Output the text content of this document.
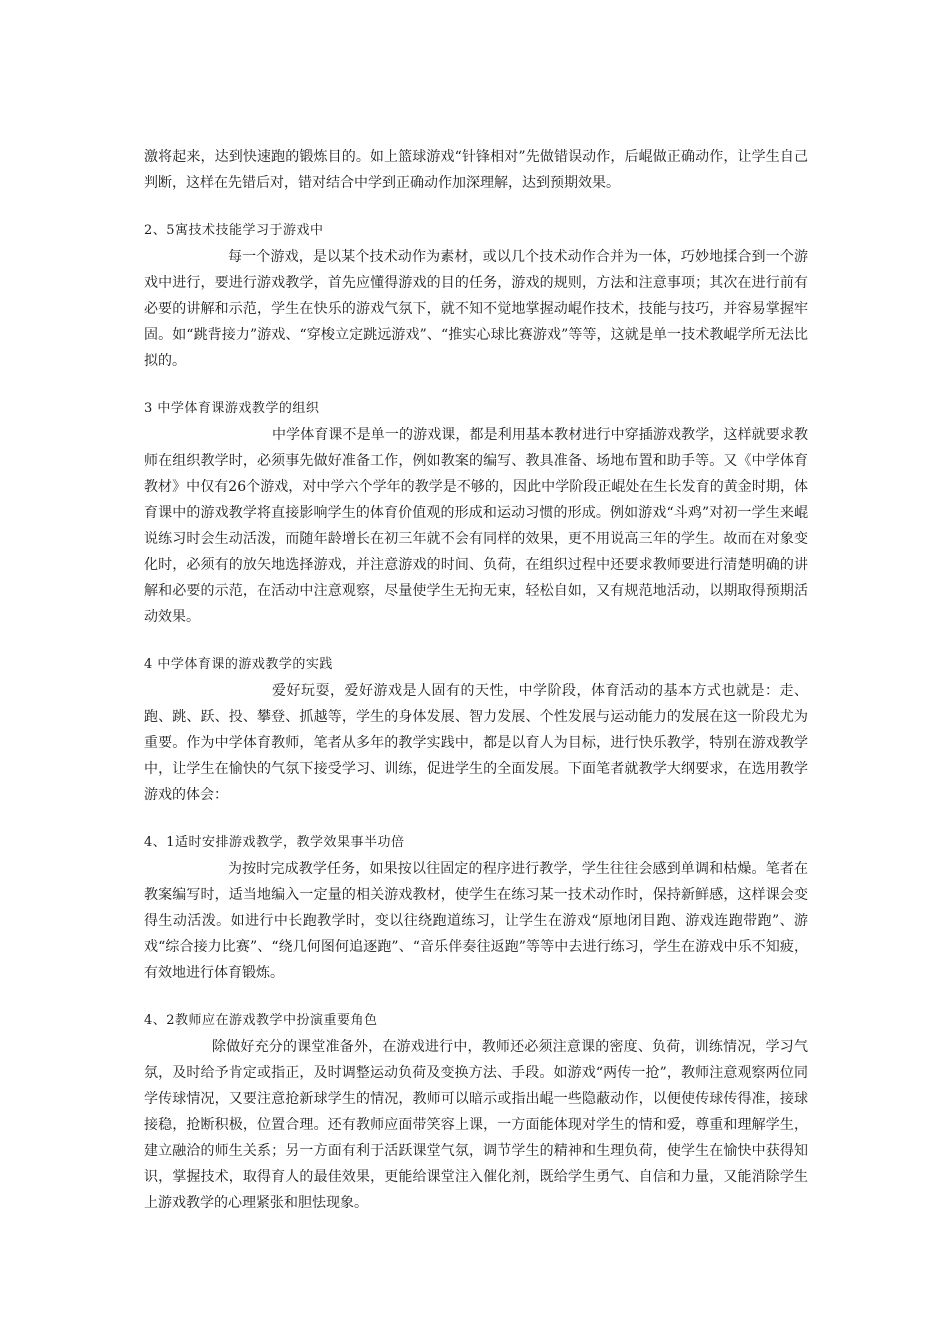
激将起来，达到快速跑的锻炼目的。如上篮球游戏“针锋相对”先做错误动作，后崐做正确动作，让学生自己判断，这样在先错后对，错对结合中学到正确动作加深理解，达到预期效果。

2、5寓技术技能学习于游戏中

每一个游戏，是以某个技术动作为素材，或以几个技术动作合并为一体，巧妙地揉合到一个游戏中进行，要进行游戏教学，首先应懂得游戏的目的任务，游戏的规则，方法和注意事项；其次在进行前有必要的讲解和示范，学生在快乐的游戏气氛下，就不知不觉地掌握动崐作技术，技能与技巧，并容易掌握牢固。如“跳背接力”游戏、“穿梭立定跳远游戏”、“推实心球比赛游戏”等等，这就是单一技术教崐学所无法比拟的。

3 中学体育课游戏教学的组织

中学体育课不是单一的游戏课，都是利用基本教材进行中穿插游戏教学，这样就要求教师在组织教学时，必须事先做好准备工作，例如教案的编写、教具准备、场地布置和助手等。又《中学体育教材》中仅有26个游戏，对中学六个学年的教学是不够的，因此中学阶段正崐处在生长发育的黄金时期，体育课中的游戏教学将直接影响学生的体育价值观的形成和运动习惯的形成。例如游戏“斗鸡”对初一学生来崐说练习时会生动活泼，而随年龄增长在初三年就不会有同样的效果，更不用说高三年的学生。故而在对象变化时，必须有的放矢地选择游戏，并注意游戏的时间、负荷，在组织过程中还要求教师要进行清楚明确的讲解和必要的示范，在活动中注意观察，尽量使学生无拘无束，轻松自如，又有规范地活动，以期取得预期活动效果。

4 中学体育课的游戏教学的实践

爱好玩耍，爱好游戏是人固有的天性，中学阶段，体育活动的基本方式也就是：走、跑、跳、跃、投、攀登、抓越等，学生的身体发展、智力发展、个性发展与运动能力的发展在这一阶段尤为重要。作为中学体育教师，笔者从多年的教学实践中，都是以育人为目标，进行快乐教学，特别在游戏教学中，让学生在愉快的气氛下接受学习、训练，促进学生的全面发展。下面笔者就教学大纲要求，在选用教学游戏的体会：

4、1适时安排游戏教学，教学效果事半功倍

为按时完成教学任务，如果按以往固定的程序进行教学，学生往往会感到单调和枯燥。笔者在教案编写时，适当地编入一定量的相关游戏教材，使学生在练习某一技术动作时，保持新鲜感，这样课会变得生动活泼。如进行中长跑教学时，变以往绕跑道练习，让学生在游戏“原地闭目跑、游戏连跑带跑”、游戏“综合接力比赛”、“绕几何图何追逐跑”、“音乐伴奏往返跑”等等中去进行练习，学生在游戏中乐不知疲，有效地进行体育锻炼。

4、2教师应在游戏教学中扮演重要角色

除做好充分的课堂准备外，在游戏进行中，教师还必须注意课的密度、负荷，训练情况，学习气氛，及时给予肯定或指正，及时调整运动负荷及变换方法、手段。如游戏“两传一抢”，教师注意观察两位同学传球情况，又要注意抢新球学生的情况，教师可以暗示或指出崐一些隐蔽动作，以便使传球传得准，接球接稳，抢断积极，位置合理。还有教师应面带笑容上课，一方面能体现对学生的情和爱，尊重和理解学生，建立融洽的师生关系；另一方面有利于活跃课堂气氛，调节学生的精神和生理负荷，使学生在愉快中获得知识，掌握技术，取得育人的最佳效果，更能给课堂注入催化剂，既给学生勇气、自信和力量，又能消除学生上游戏教学的心理紧张和胆怯现象。
